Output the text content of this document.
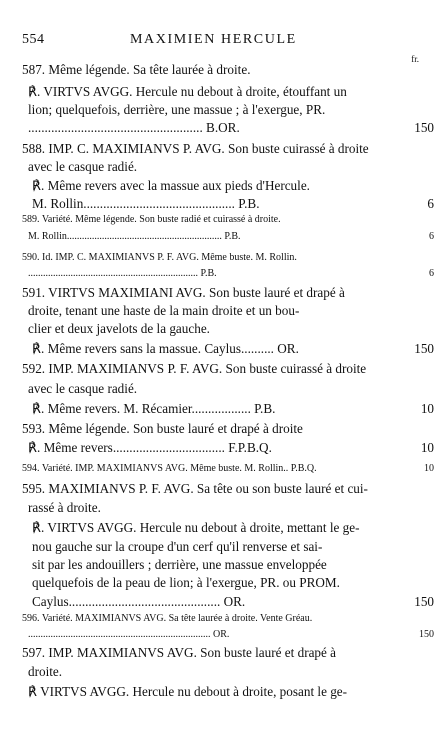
554	MAXIMIEN HERCULE
fr.
587. Même légende. Sa tête laurée à droite.
℟. VIRTVS AVGG. Hercule nu debout à droite, étouffant un
lion; quelquefois, derrière, une massue ; à l'exergue, PR.
..................................................... B.OR.	150
588. IMP. C. MAXIMIANVS P. AVG. Son buste cuirassé à droite
avec le casque radié.
℟. Même revers avec la massue aux pieds d'Hercule.
M. Rollin.............................................. P.B.	6
589. Variété. Même légende. Son buste radié et cuirassé à droite.
M. Rollin.............................................................. P.B.	6
590. Id. IMP. C. MAXIMIANVS P. F. AVG. Même buste. M. Rollin.
.................................................................... P.B.	6
591. VIRTVS MAXIMIANI AVG. Son buste lauré et drapé à
droite, tenant une haste de la main droite et un bou-
clier et deux javelots de la gauche.
℟. Même revers sans la massue. Caylus.......... OR.	150
592. IMP. MAXIMIANVS P. F. AVG. Son buste cuirassé à droite
avec le casque radié.
℟. Même revers. M. Récamier.................. P.B.	10
593. Même légende. Son buste lauré et drapé à droite
℟. Même revers.................................. F.P.B.Q.	10
594. Variété. IMP. MAXIMIANVS AVG. Même buste. M. Rollin.. P.B.Q.	10
595. MAXIMIANVS P. F. AVG. Sa tête ou son buste lauré et cui-
rassé à droite.
℟. VIRTVS AVGG. Hercule nu debout à droite, mettant le ge-
nou gauche sur la croupe d'un cerf qu'il renverse et sai-
sit par les andouillers ; derrière, une massue enveloppée
quelquefois de la peau de lion; à l'exergue, PR. ou PROM.
Caylus.............................................. OR.	150
596. Variété. MAXIMIANVS AVG. Sa tête laurée à droite. Vente Gréau.
......................................................................... OR.	150
597. IMP. MAXIMIANVS AVG. Son buste lauré et drapé à
droite.
℟ VIRTVS AVGG. Hercule nu debout à droite, posant le ge-
